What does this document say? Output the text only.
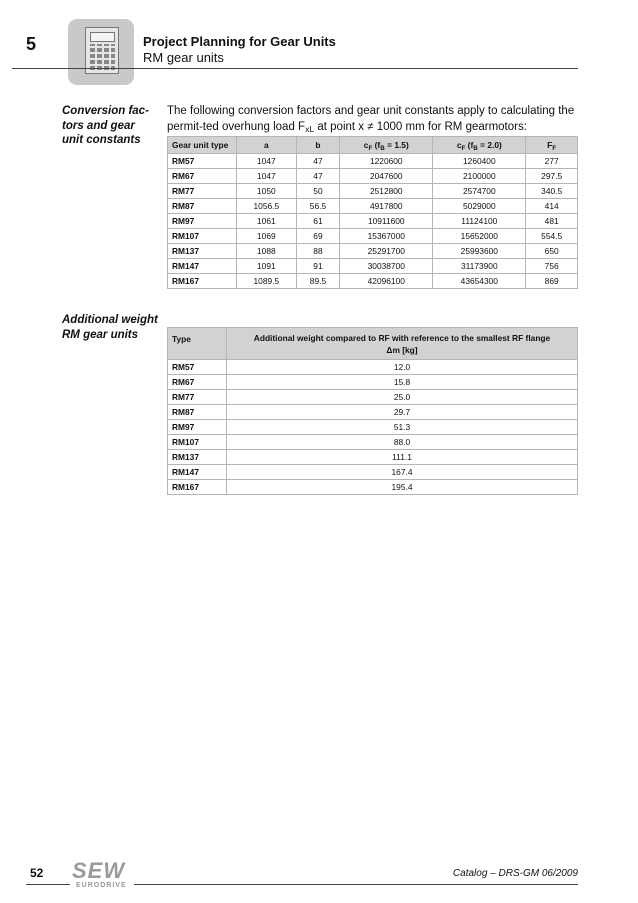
5	Project Planning for Gear Units
RM gear units
Conversion fac-tors and gear unit constants

The following conversion factors and gear unit constants apply to calculating the permit-ted overhung load $F_{xL}$ at point x ≠ 1000 mm for RM gearmotors:

Gear unit type	a	b	$c_F$ $(f_B = 1.5)$	$c_F$ $(f_B = 2.0)$	$F_F$
RM57	1047	47	1220600	1260400	277
RM67	1047	47	2047600	2100000	297.5
RM77	1050	50	2512800	2574700	340.5
RM87	1056.5	56.5	4917800	5029000	414
RM97	1061	61	10911600	11124100	481
RM107	1069	69	15367000	15652000	554.5
RM137	1088	88	25291700	25993600	650
RM147	1091	91	30038700	31173900	756
RM167	1089.5	89.5	42096100	43654300	869
Additional weight RM gear units	Type	Additional weight compared to RF with reference to the smallest RF flange
Δm [kg]

RM57	12.0
RM67	15.8
RM77	25.0
RM87	29.7
RM97	51.3
RM107	88.0
RM137	111.1
RM147	167.4
RM167	195.4
52 SEW
EURODRIVE
Catalog – DRS-GM 06/2009
